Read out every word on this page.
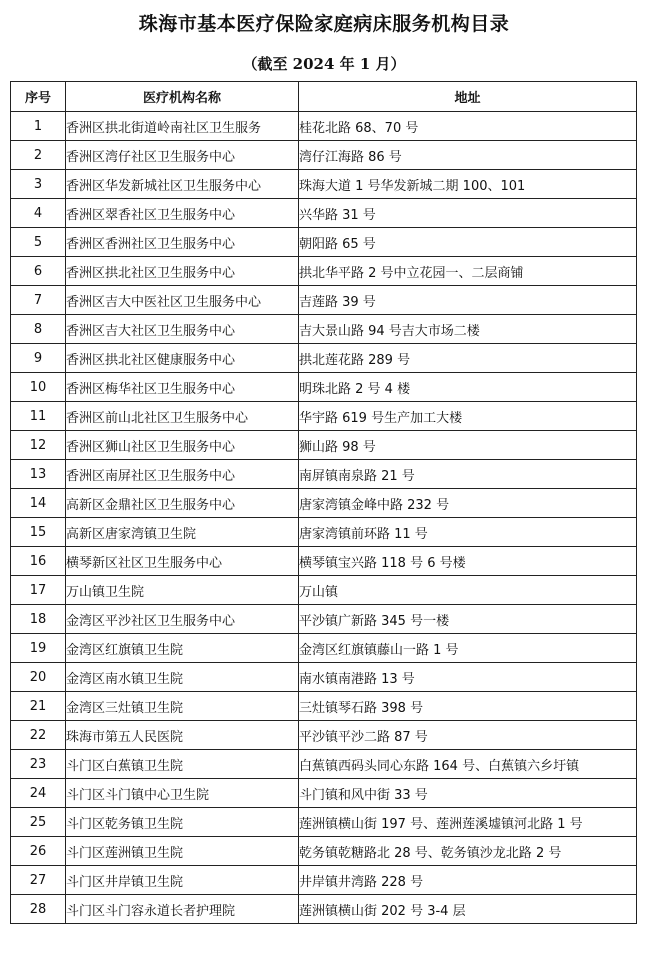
珠海市基本医疗保险家庭病床服务机构目录
（截至 2024 年 1 月）
序号	医疗机构名称	地址
1	香洲区拱北街道岭南社区卫生服务	桂花北路 68、70 号
2	香洲区湾仔社区卫生服务中心	湾仔江海路 86 号
3	香洲区华发新城社区卫生服务中心	珠海大道 1 号华发新城二期 100、101
4	香洲区翠香社区卫生服务中心	兴华路 31 号
5	香洲区香洲社区卫生服务中心	朝阳路 65 号
6	香洲区拱北社区卫生服务中心	拱北华平路 2 号中立花园一、二层商铺
7	香洲区吉大中医社区卫生服务中心	吉莲路 39 号
8	香洲区吉大社区卫生服务中心	吉大景山路 94 号吉大市场二楼
9	香洲区拱北社区健康服务中心	拱北莲花路 289 号
10	香洲区梅华社区卫生服务中心	明珠北路 2 号 4 楼
11	香洲区前山北社区卫生服务中心	华宇路 619 号生产加工大楼
12	香洲区狮山社区卫生服务中心	狮山路 98 号
13	香洲区南屏社区卫生服务中心	南屏镇南泉路 21 号
14	高新区金鼎社区卫生服务中心	唐家湾镇金峰中路 232 号
15	高新区唐家湾镇卫生院	唐家湾镇前环路 11 号
16	横琴新区社区卫生服务中心	横琴镇宝兴路 118 号 6 号楼
17	万山镇卫生院	万山镇
18	金湾区平沙社区卫生服务中心	平沙镇广新路 345 号一楼
19	金湾区红旗镇卫生院	金湾区红旗镇藤山一路 1 号
20	金湾区南水镇卫生院	南水镇南港路 13 号
21	金湾区三灶镇卫生院	三灶镇琴石路 398 号
22	珠海市第五人民医院	平沙镇平沙二路 87 号
23	斗门区白蕉镇卫生院	白蕉镇西码头同心东路 164 号、白蕉镇六乡圩镇
24	斗门区斗门镇中心卫生院	斗门镇和风中街 33 号
25	斗门区乾务镇卫生院	莲洲镇横山街 197 号、莲洲莲溪墟镇河北路 1 号
26	斗门区莲洲镇卫生院	乾务镇乾糖路北 28 号、乾务镇沙龙北路 2 号
27	斗门区井岸镇卫生院	井岸镇井湾路 228 号
28	斗门区斗门容永道长者护理院	莲洲镇横山街 202 号 3-4 层
